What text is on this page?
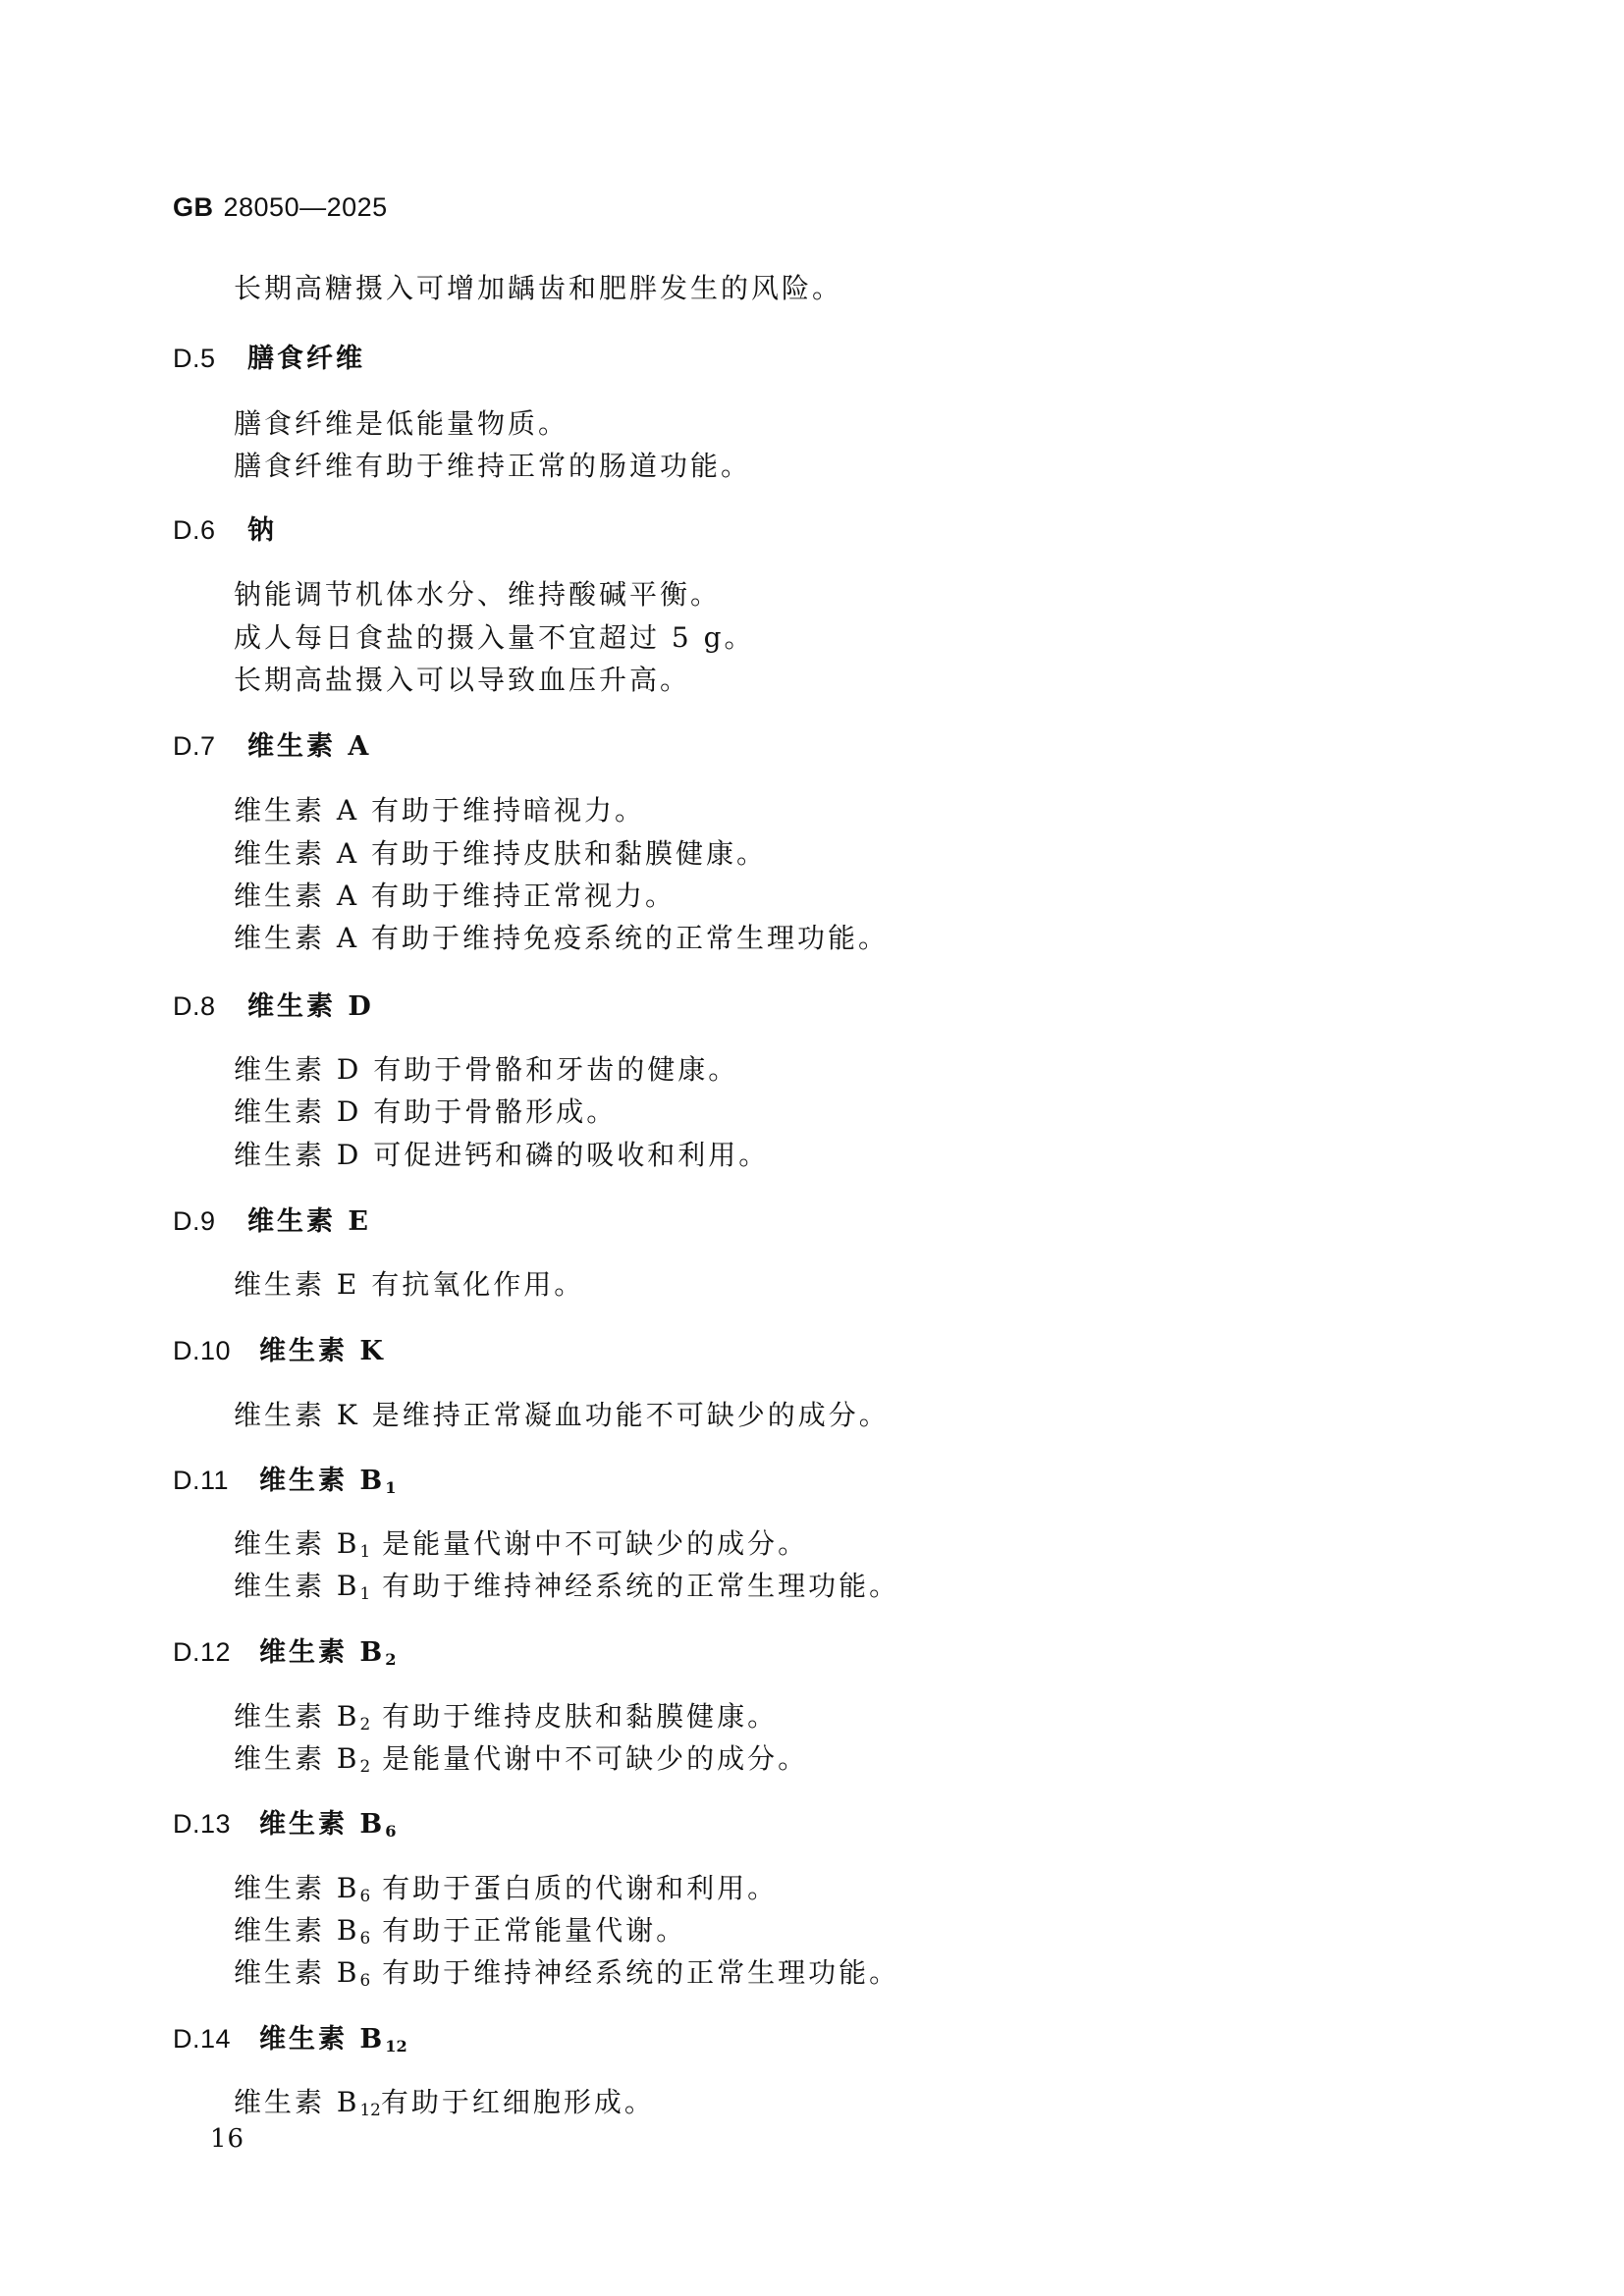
GB 28050—2025
长期高糖摄入可增加龋齿和肥胖发生的风险。
D.5 膳食纤维
膳食纤维是低能量物质。
膳食纤维有助于维持正常的肠道功能。
D.6 钠
钠能调节机体水分、维持酸碱平衡。
成人每日食盐的摄入量不宜超过 5 g。
长期高盐摄入可以导致血压升高。
D.7 维生素 A
维生素 A 有助于维持暗视力。
维生素 A 有助于维持皮肤和黏膜健康。
维生素 A 有助于维持正常视力。
维生素 A 有助于维持免疫系统的正常生理功能。
D.8 维生素 D
维生素 D 有助于骨骼和牙齿的健康。
维生素 D 有助于骨骼形成。
维生素 D 可促进钙和磷的吸收和利用。
D.9 维生素 E
维生素 E 有抗氧化作用。
D.10 维生素 K
维生素 K 是维持正常凝血功能不可缺少的成分。
D.11 维生素 $B_1$
维生素 $B_1$ 是能量代谢中不可缺少的成分。
维生素 $B_1$ 有助于维持神经系统的正常生理功能。
D.12 维生素 $B_2$
维生素 $B_2$ 有助于维持皮肤和黏膜健康。
维生素 $B_2$ 是能量代谢中不可缺少的成分。
D.13 维生素 $B_6$
维生素 $B_6$ 有助于蛋白质的代谢和利用。
维生素 $B_6$ 有助于正常能量代谢。
维生素 $B_6$ 有助于维持神经系统的正常生理功能。
D.14 维生素 $B_{12}$
维生素 $B_{12}$有助于红细胞形成。
16
